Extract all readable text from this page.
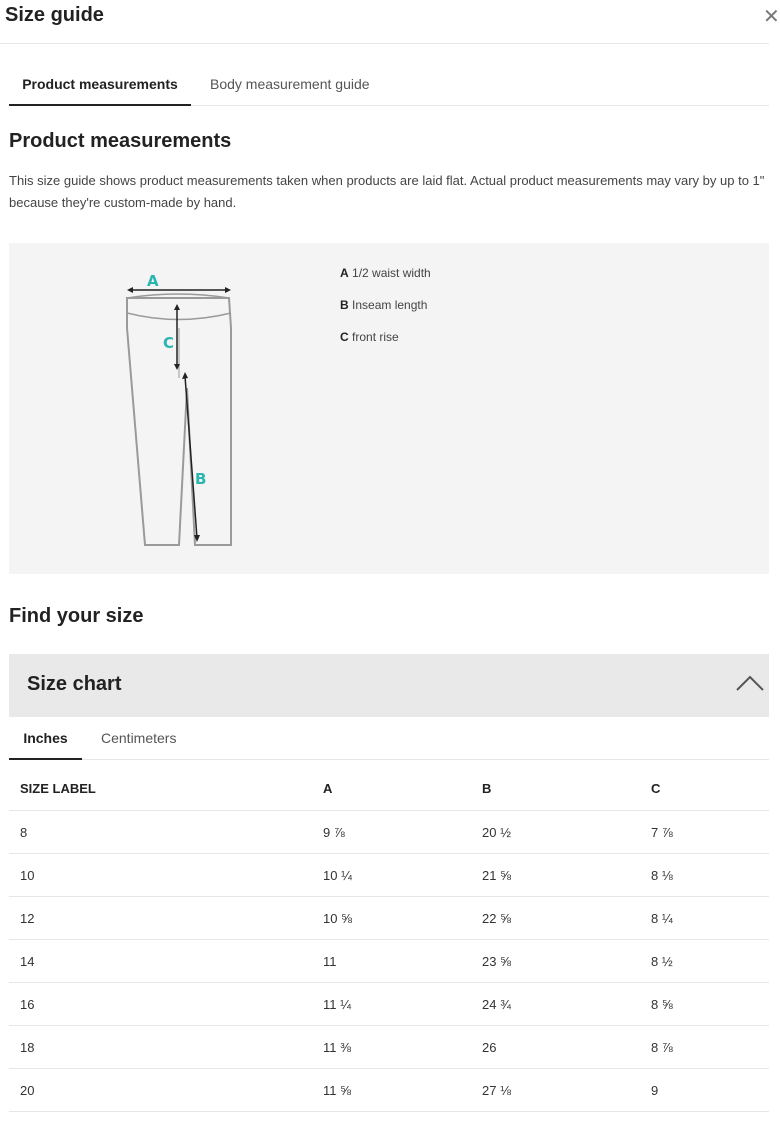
Size guide	✕
Product measurements	Body measurement guide
Product measurements
This size guide shows product measurements taken when products are laid flat. Actual product measurements may vary by up to 1" because they're custom-made by hand.
A
C
B
A 1/2 waist width
B Inseam length
C front rise
Find your size
Size chart
Inches	Centimeters
SIZE LABEL	A	B	C
8	9 ⅞	20 ½	7 ⅞
10	10 ¼	21 ⅝	8 ⅛
12	10 ⅝	22 ⅝	8 ¼
14	11	23 ⅝	8 ½
16	11 ¼	24 ¾	8 ⅝
18	11 ⅜	26	8 ⅞
20	11 ⅝	27 ⅛	9
